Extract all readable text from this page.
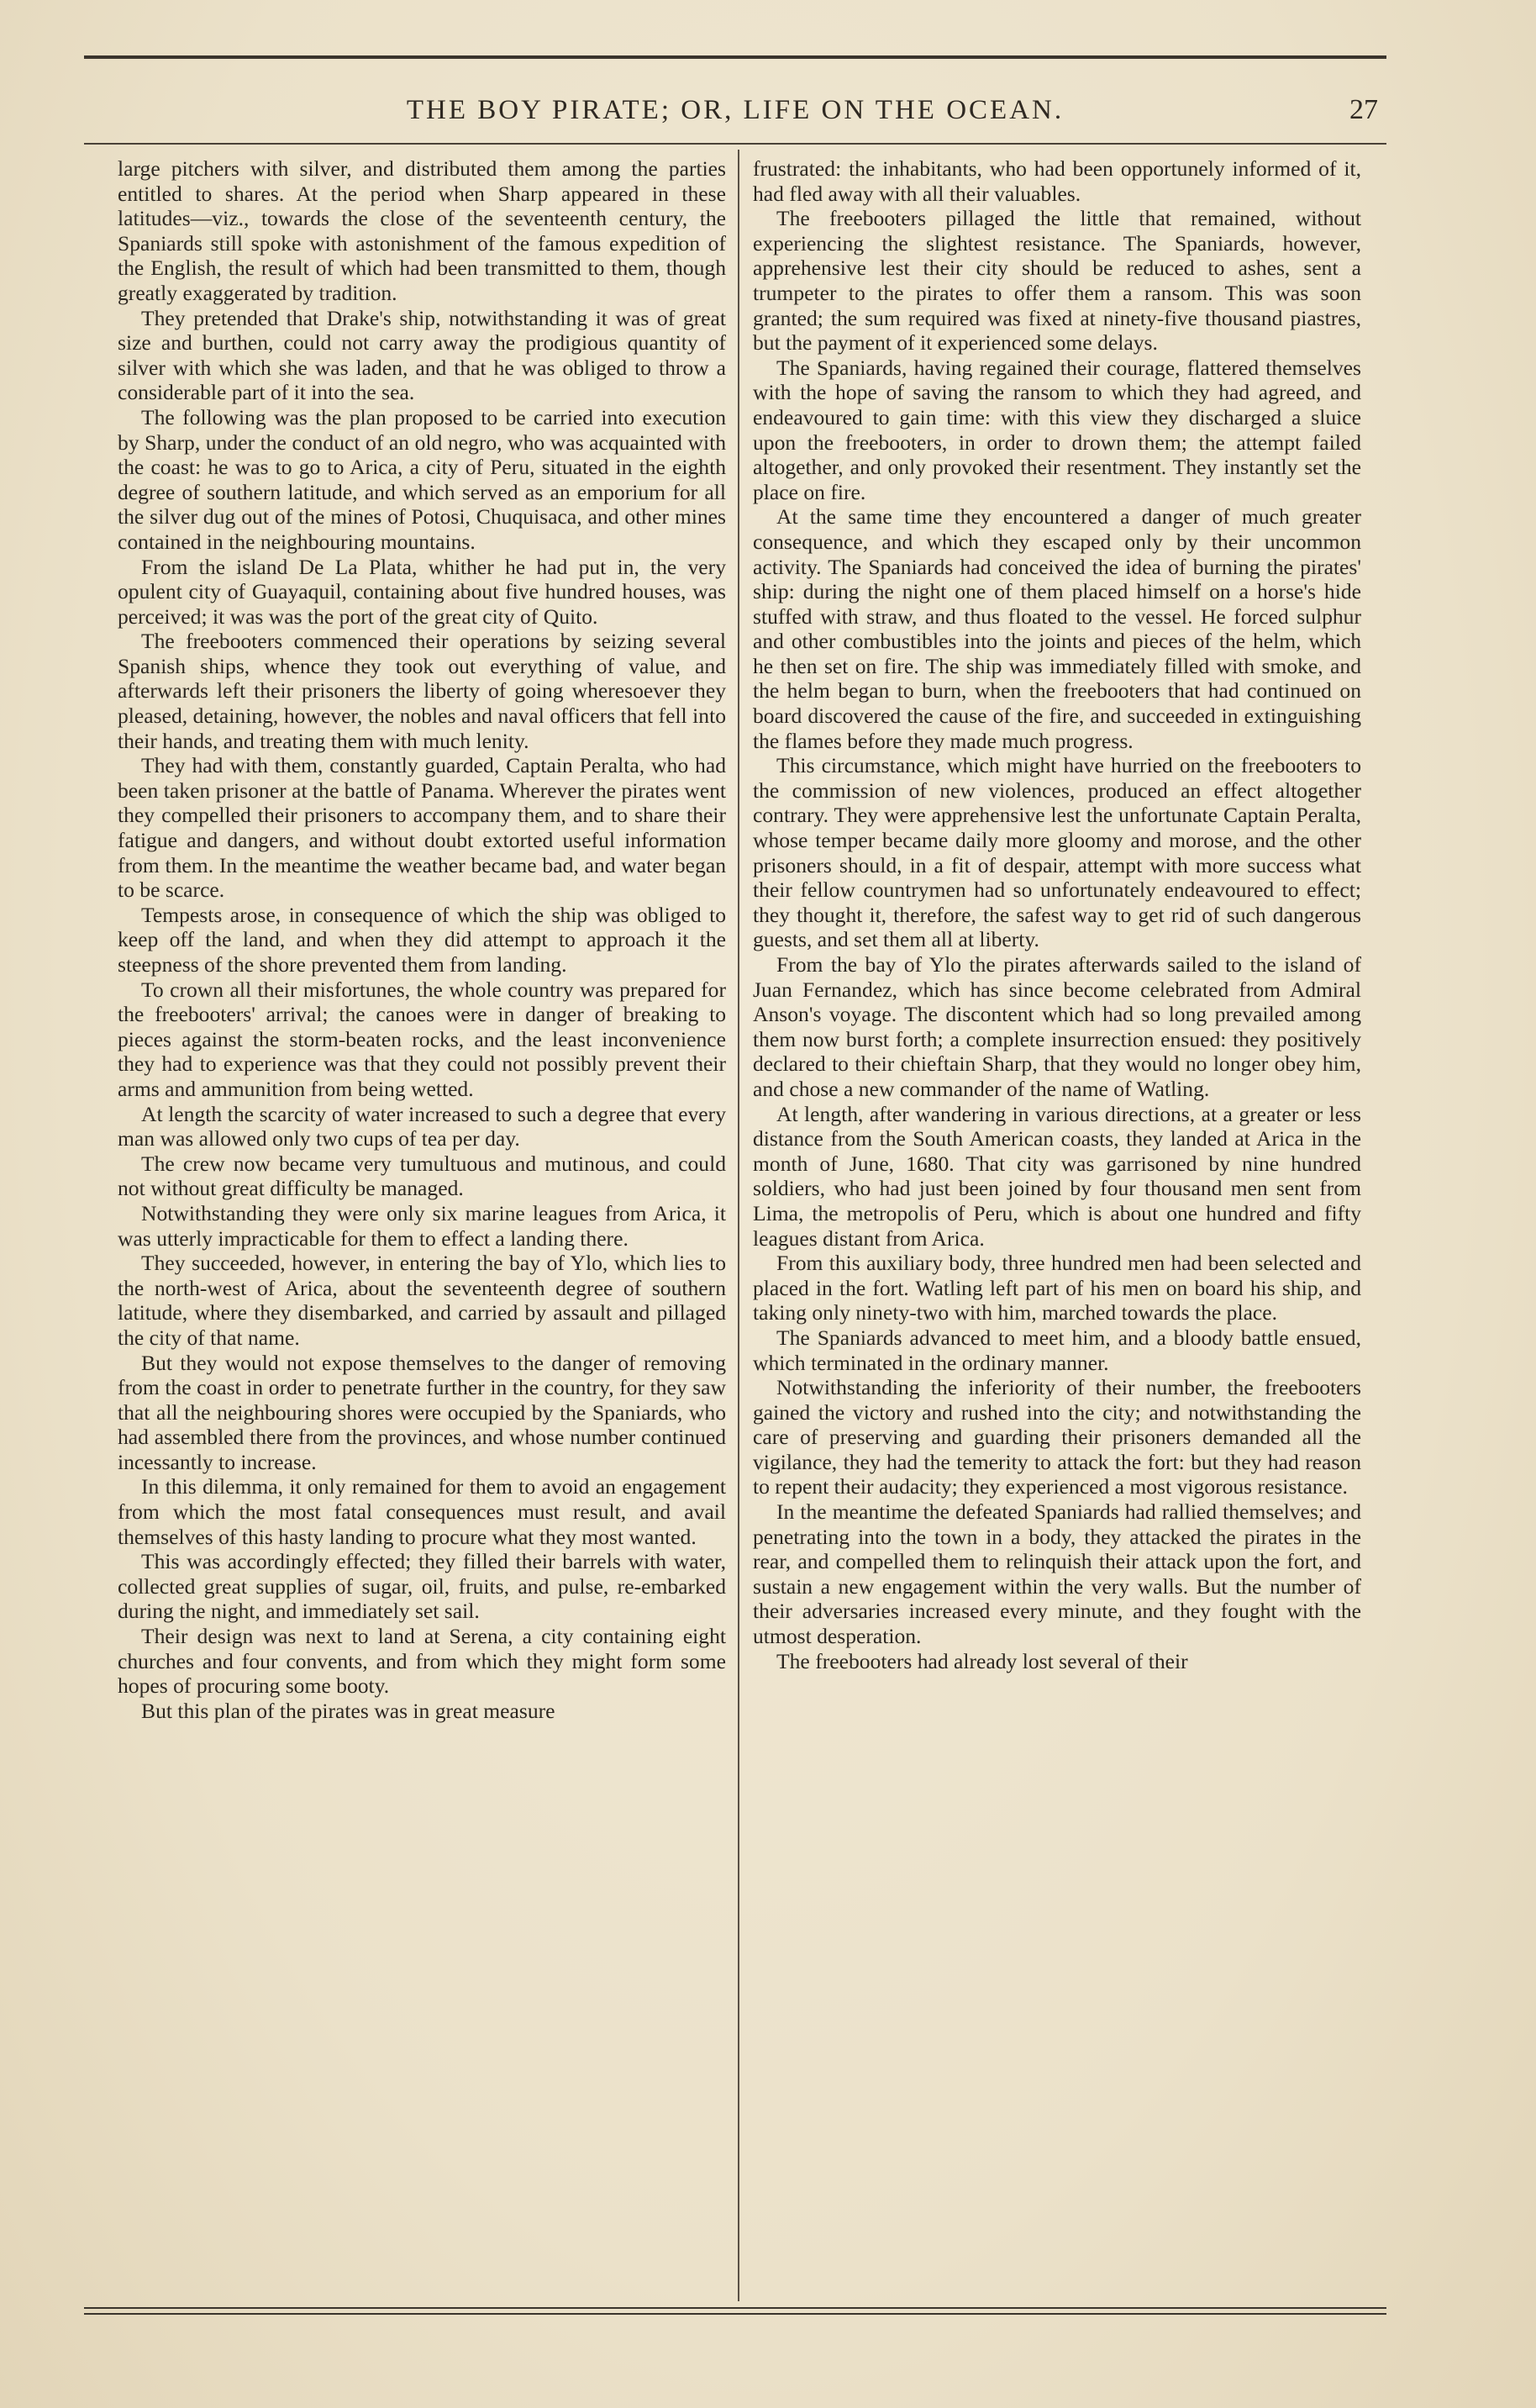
THE BOY PIRATE; OR, LIFE ON THE OCEAN.	27

large pitchers with silver, and distributed them among the parties entitled to shares. At the period when Sharp appeared in these latitudes—viz., towards the close of the seventeenth century, the Spaniards still spoke with astonishment of the famous expedition of the English, the result of which had been transmitted to them, though greatly exaggerated by tradition.

They pretended that Drake's ship, notwithstanding it was of great size and burthen, could not carry away the prodigious quantity of silver with which she was laden, and that he was obliged to throw a considerable part of it into the sea.

The following was the plan proposed to be carried into execution by Sharp, under the conduct of an old negro, who was acquainted with the coast: he was to go to Arica, a city of Peru, situated in the eighth degree of southern latitude, and which served as an emporium for all the silver dug out of the mines of Potosi, Chuquisaca, and other mines contained in the neighbouring mountains.

From the island De La Plata, whither he had put in, the very opulent city of Guayaquil, containing about five hundred houses, was perceived; it was was the port of the great city of Quito.

The freebooters commenced their operations by seizing several Spanish ships, whence they took out everything of value, and afterwards left their prisoners the liberty of going wheresoever they pleased, detaining, however, the nobles and naval officers that fell into their hands, and treating them with much lenity.

They had with them, constantly guarded, Captain Peralta, who had been taken prisoner at the battle of Panama. Wherever the pirates went they compelled their prisoners to accompany them, and to share their fatigue and dangers, and without doubt extorted useful information from them. In the meantime the weather became bad, and water began to be scarce.

Tempests arose, in consequence of which the ship was obliged to keep off the land, and when they did attempt to approach it the steepness of the shore prevented them from landing.

To crown all their misfortunes, the whole country was prepared for the freebooters' arrival; the canoes were in danger of breaking to pieces against the storm-beaten rocks, and the least inconvenience they had to experience was that they could not possibly prevent their arms and ammunition from being wetted.

At length the scarcity of water increased to such a degree that every man was allowed only two cups of tea per day.

The crew now became very tumultuous and mutinous, and could not without great difficulty be managed.

Notwithstanding they were only six marine leagues from Arica, it was utterly impracticable for them to effect a landing there.

They succeeded, however, in entering the bay of Ylo, which lies to the north-west of Arica, about the seventeenth degree of southern latitude, where they disembarked, and carried by assault and pillaged the city of that name.

But they would not expose themselves to the danger of removing from the coast in order to penetrate further in the country, for they saw that all the neighbouring shores were occupied by the Spaniards, who had assembled there from the provinces, and whose number continued incessantly to increase.

In this dilemma, it only remained for them to avoid an engagement from which the most fatal consequences must result, and avail themselves of this hasty landing to procure what they most wanted.

This was accordingly effected; they filled their barrels with water, collected great supplies of sugar, oil, fruits, and pulse, re-embarked during the night, and immediately set sail.

Their design was next to land at Serena, a city containing eight churches and four convents, and from which they might form some hopes of procuring some booty.

But this plan of the pirates was in great measure

frustrated: the inhabitants, who had been opportunely informed of it, had fled away with all their valuables.

The freebooters pillaged the little that remained, without experiencing the slightest resistance. The Spaniards, however, apprehensive lest their city should be reduced to ashes, sent a trumpeter to the pirates to offer them a ransom. This was soon granted; the sum required was fixed at ninety-five thousand piastres, but the payment of it experienced some delays.

The Spaniards, having regained their courage, flattered themselves with the hope of saving the ransom to which they had agreed, and endeavoured to gain time: with this view they discharged a sluice upon the freebooters, in order to drown them; the attempt failed altogether, and only provoked their resentment. They instantly set the place on fire.

At the same time they encountered a danger of much greater consequence, and which they escaped only by their uncommon activity. The Spaniards had conceived the idea of burning the pirates' ship: during the night one of them placed himself on a horse's hide stuffed with straw, and thus floated to the vessel. He forced sulphur and other combustibles into the joints and pieces of the helm, which he then set on fire. The ship was immediately filled with smoke, and the helm began to burn, when the freebooters that had continued on board discovered the cause of the fire, and succeeded in extinguishing the flames before they made much progress.

This circumstance, which might have hurried on the freebooters to the commission of new violences, produced an effect altogether contrary. They were apprehensive lest the unfortunate Captain Peralta, whose temper became daily more gloomy and morose, and the other prisoners should, in a fit of despair, attempt with more success what their fellow countrymen had so unfortunately endeavoured to effect; they thought it, therefore, the safest way to get rid of such dangerous guests, and set them all at liberty.

From the bay of Ylo the pirates afterwards sailed to the island of Juan Fernandez, which has since become celebrated from Admiral Anson's voyage. The discontent which had so long prevailed among them now burst forth; a complete insurrection ensued: they positively declared to their chieftain Sharp, that they would no longer obey him, and chose a new commander of the name of Watling.

At length, after wandering in various directions, at a greater or less distance from the South American coasts, they landed at Arica in the month of June, 1680. That city was garrisoned by nine hundred soldiers, who had just been joined by four thousand men sent from Lima, the metropolis of Peru, which is about one hundred and fifty leagues distant from Arica.

From this auxiliary body, three hundred men had been selected and placed in the fort. Watling left part of his men on board his ship, and taking only ninety-two with him, marched towards the place.

The Spaniards advanced to meet him, and a bloody battle ensued, which terminated in the ordinary manner.

Notwithstanding the inferiority of their number, the freebooters gained the victory and rushed into the city; and notwithstanding the care of preserving and guarding their prisoners demanded all the vigilance, they had the temerity to attack the fort: but they had reason to repent their audacity; they experienced a most vigorous resistance.

In the meantime the defeated Spaniards had rallied themselves; and penetrating into the town in a body, they attacked the pirates in the rear, and compelled them to relinquish their attack upon the fort, and sustain a new engagement within the very walls. But the number of their adversaries increased every minute, and they fought with the utmost desperation.

The freebooters had already lost several of their
